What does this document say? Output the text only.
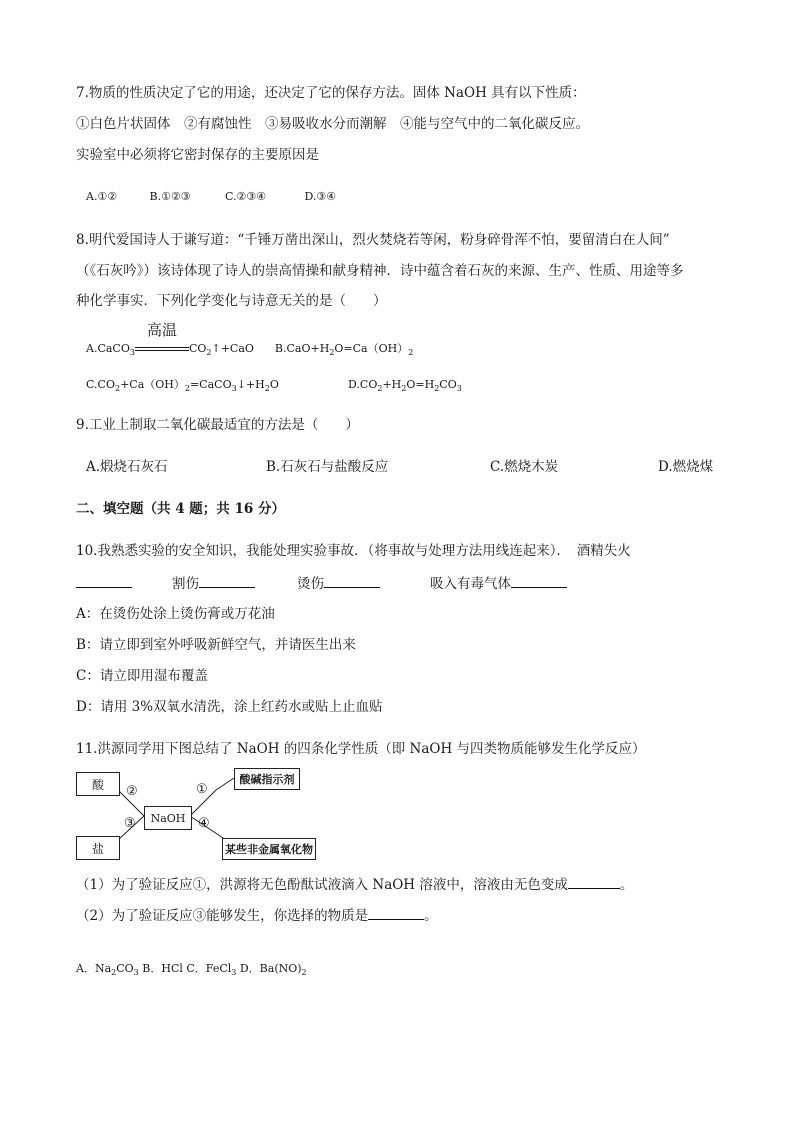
7.物质的性质决定了它的用途，还决定了它的保存方法。固体 NaOH 具有以下性质：
①白色片状固体　②有腐蚀性　③易吸收水分而潮解　④能与空气中的二氧化碳反应。
实验室中必须将它密封保存的主要原因是
A.①②	B.①②③	C.②③④	D.③④
8.明代爱国诗人于谦写道：“千锤万凿出深山，烈火焚烧若等闲，粉身碎骨浑不怕，要留清白在人间”
（《石灰吟》）该诗体现了诗人的崇高情操和献身精神．诗中蕴含着石灰的来源、生产、性质、用途等多
种化学事实．下列化学变化与诗意无关的是（　　）
A.CaCO$_3$
高温
$CO_2↑+CaO$ $B.CaO+H_2O=Ca(OH)_2$
$C.CO_2+Ca(OH)_2=CaCO_3↓+H_2O$	$D.CO_2+H_2O=H_2CO_3$
9.工业上制取二氧化碳最适宜的方法是（　　）
A.煅烧石灰石	B.石灰石与盐酸反应	C.燃烧木炭	D.燃烧煤
二、填空题（共 4 题；共 16 分）
10.我熟悉实验的安全知识，我能处理实验事故．（将事故与处理方法用线连起来）．　酒精失火
割伤	烫伤	吸入有毒气体
A：在烫伤处涂上烫伤膏或万花油
B：请立即到室外呼吸新鲜空气，并请医生出来
C：请立即用湿布覆盖
D：请用 3%双氧水清洗，涂上红药水或贴上止血贴
11.洪源同学用下图总结了 NaOH 的四条化学性质（即 NaOH 与四类物质能够发生化学反应）
酸
盐
NaOH
酸碱指示剂
某些非金属氧化物
②	①
③	④
（1）为了验证反应①，洪源将无色酚酞试液滴入 NaOH 溶液中，溶液由无色变成	。
（2）为了验证反应③能够发生，你选择的物质是	。
A．$Na_2CO_3$ B．HCl C．FeCl$_3$ D．$Ba(NO)_2$
